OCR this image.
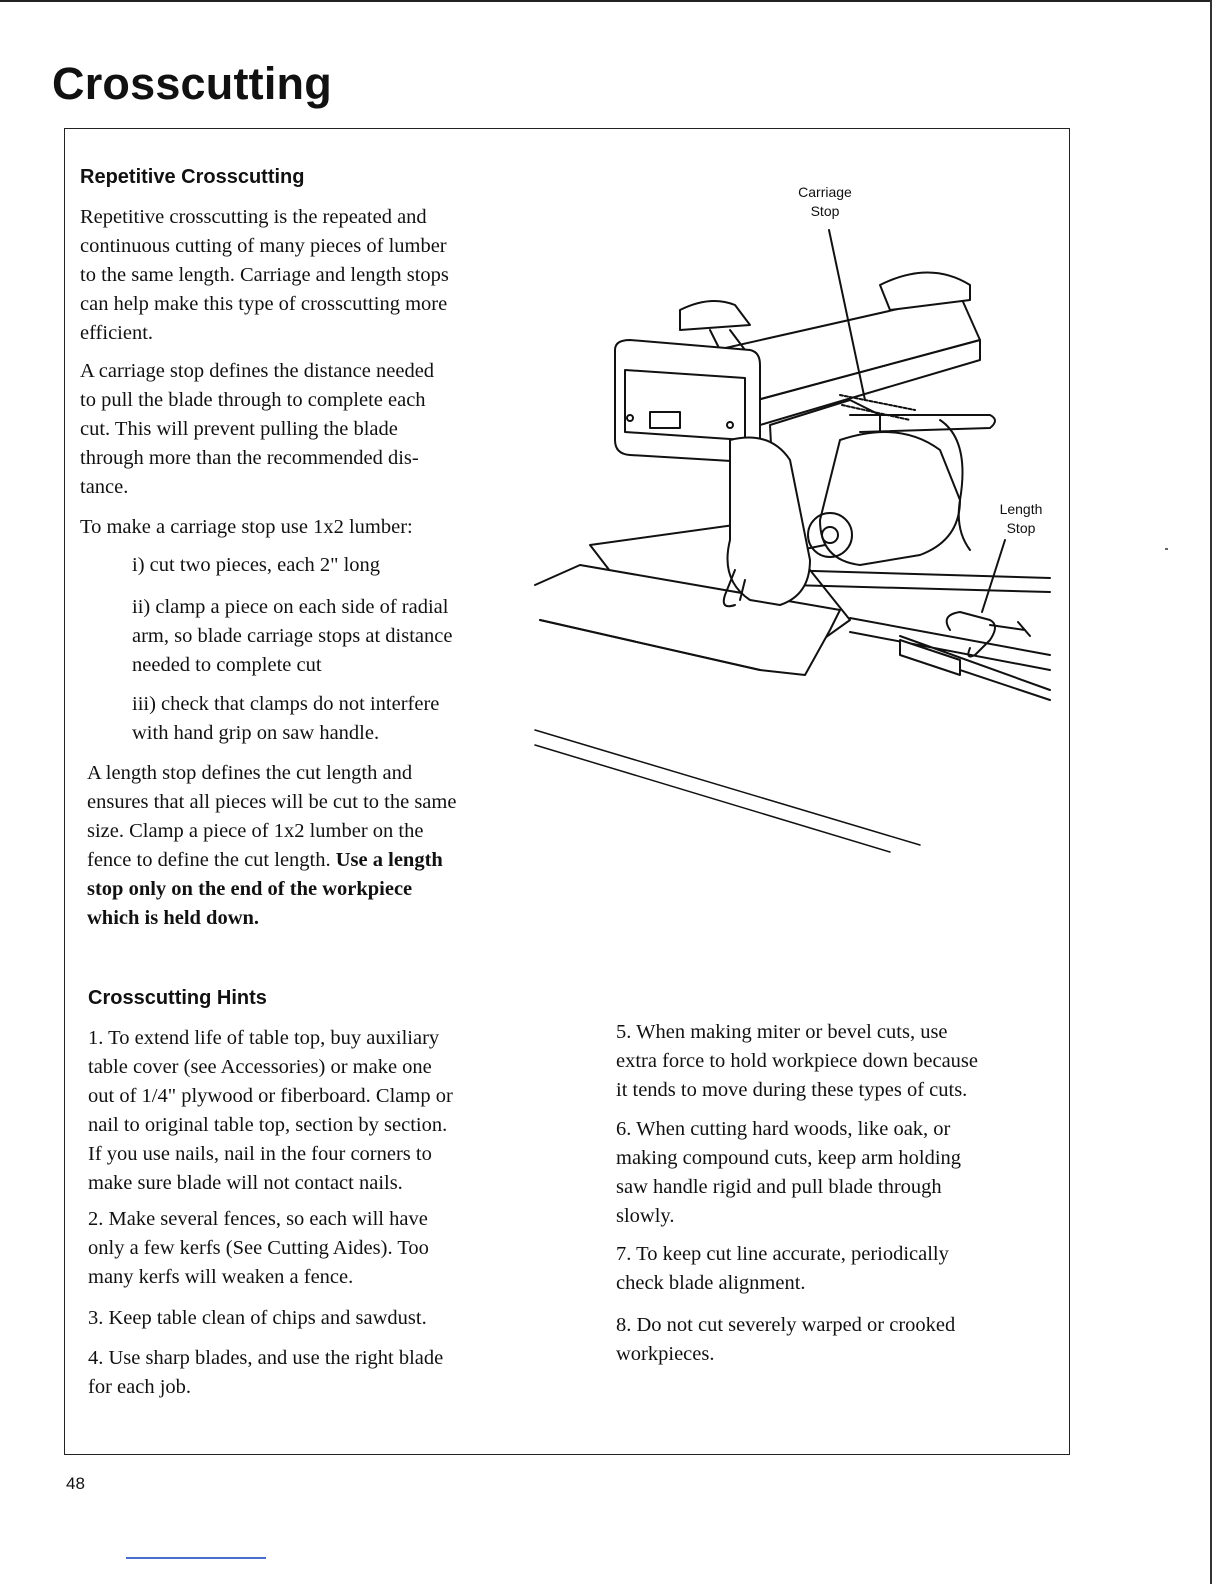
Crosscutting
Repetitive Crosscutting
Repetitive crosscutting is the repeated and
continuous cutting of many pieces of lumber
to the same length. Carriage and length stops
can help make this type of crosscutting more
efficient.
A carriage stop defines the distance needed
to pull the blade through to complete each
cut. This will prevent pulling the blade
through more than the recommended dis-
tance.
To make a carriage stop use 1x2 lumber:
i) cut two pieces, each 2" long
ii) clamp a piece on each side of radial
arm, so blade carriage stops at distance
needed to complete cut
iii) check that clamps do not interfere
with hand grip on saw handle.
A length stop defines the cut length and
ensures that all pieces will be cut to the same
size. Clamp a piece of 1x2 lumber on the
fence to define the cut length. Use a length
stop only on the end of the workpiece
which is held down.
Carriage
Stop
Length
Stop
Crosscutting Hints
1. To extend life of table top, buy auxiliary
table cover (see Accessories) or make one
out of 1/4" plywood or fiberboard. Clamp or
nail to original table top, section by section.
If you use nails, nail in the four corners to
make sure blade will not contact nails.
2. Make several fences, so each will have
only a few kerfs (See Cutting Aides). Too
many kerfs will weaken a fence.
3. Keep table clean of chips and sawdust.
4. Use sharp blades, and use the right blade
for each job.
5. When making miter or bevel cuts, use
extra force to hold workpiece down because
it tends to move during these types of cuts.
6. When cutting hard woods, like oak, or
making compound cuts, keep arm holding
saw handle rigid and pull blade through
slowly.
7. To keep cut line accurate, periodically
check blade alignment.
8. Do not cut severely warped or crooked
workpieces.
48
